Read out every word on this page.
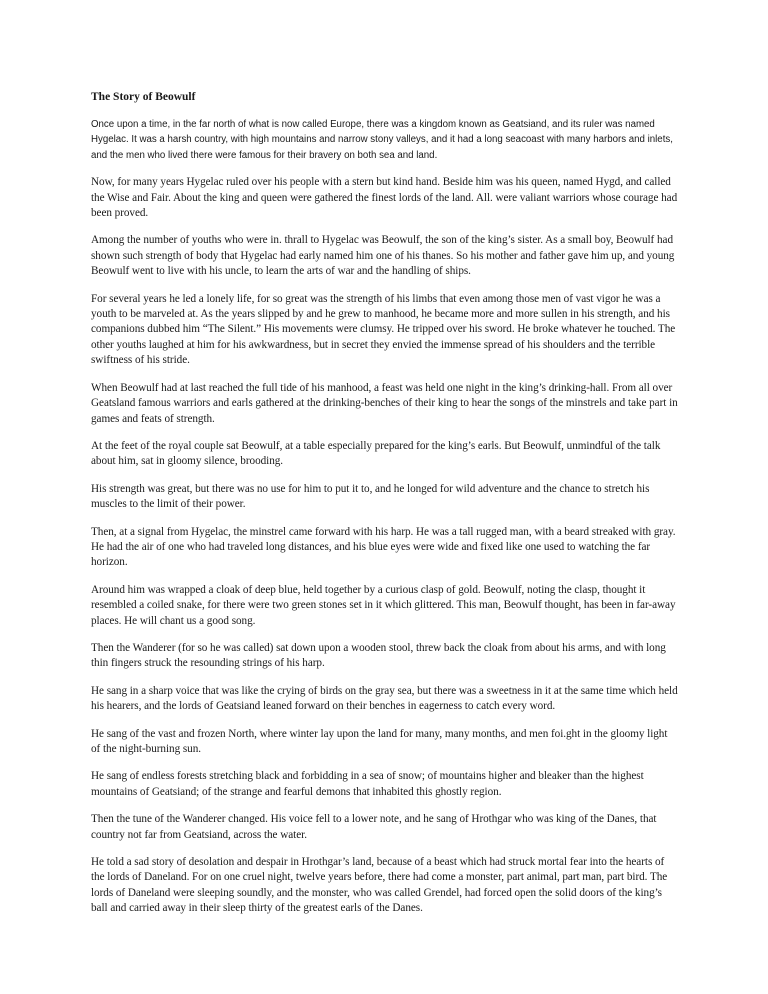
The Story of Beowulf

Once upon a time, in the far north of what is now called Europe, there was a kingdom known as Geatsiand, and its ruler was named Hygelac. It was a harsh country, with high mountains and narrow stony valleys, and it had a long seacoast with many harbors and inlets, and the men who lived there were famous for their bravery on both sea and land.

Now, for many years Hygelac ruled over his people with a stern but kind hand. Beside him was his queen, named Hygd, and called the Wise and Fair. About the king and queen were gathered the finest lords of the land. All. were valiant warriors whose courage had been proved.

Among the number of youths who were in. thrall to Hygelac was Beowulf, the son of the king’s sister. As a small boy, Beowulf had shown such strength of body that Hygelac had early named him one of his thanes. So his mother and father gave him up, and young Beowulf went to live with his uncle, to learn the arts of war and the handling of ships.

For several years he led a lonely life, for so great was the strength of his limbs that even among those men of vast vigor he was a youth to be marveled at. As the years slipped by and he grew to manhood, he became more and more sullen in his strength, and his companions dubbed him “The Silent.” His movements were clumsy. He tripped over his sword. He broke whatever he touched. The other youths laughed at him for his awkwardness, but in secret they envied the immense spread of his shoulders and the terrible swiftness of his stride.

When Beowulf had at last reached the full tide of his manhood, a feast was held one night in the king’s drinking-hall. From all over Geatsland famous warriors and earls gathered at the drinking-benches of their king to hear the songs of the minstrels and take part in games and feats of strength.

At the feet of the royal couple sat Beowulf, at a table especially prepared for the king’s earls. But Beowulf, unmindful of the talk about him, sat in gloomy silence, brooding.

His strength was great, but there was no use for him to put it to, and he longed for wild adventure and the chance to stretch his muscles to the limit of their power.

Then, at a signal from Hygelac, the minstrel came forward with his harp. He was a tall rugged man, with a beard streaked with gray. He had the air of one who had traveled long distances, and his blue eyes were wide and fixed like one used to watching the far horizon.

Around him was wrapped a cloak of deep blue, held together by a curious clasp of gold. Beowulf, noting the clasp, thought it resembled a coiled snake, for there were two green stones set in it which glittered. This man, Beowulf thought, has been in far-away places. He will chant us a good song.

Then the Wanderer (for so he was called) sat down upon a wooden stool, threw back the cloak from about his arms, and with long thin fingers struck the resounding strings of his harp.

He sang in a sharp voice that was like the crying of birds on the gray sea, but there was a sweetness in it at the same time which held his hearers, and the lords of Geatsiand leaned forward on their benches in eagerness to catch every word.

He sang of the vast and frozen North, where winter lay upon the land for many, many months, and men foi.ght in the gloomy light of the night-burning sun.

He sang of endless forests stretching black and forbidding in a sea of snow; of mountains higher and bleaker than the highest mountains of Geatsiand; of the strange and fearful demons that inhabited this ghostly region.

Then the tune of the Wanderer changed. His voice fell to a lower note, and he sang of Hrothgar who was king of the Danes, that country not far from Geatsiand, across the water.

He told a sad story of desolation and despair in Hrothgar’s land, because of a beast which had struck mortal fear into the hearts of the lords of Daneland. For on one cruel night, twelve years before, there had come a monster, part animal, part man, part bird. The lords of Daneland were sleeping soundly, and the monster, who was called Grendel, had forced open the solid doors of the king’s ball and carried away in their sleep thirty of the greatest earls of the Danes.
